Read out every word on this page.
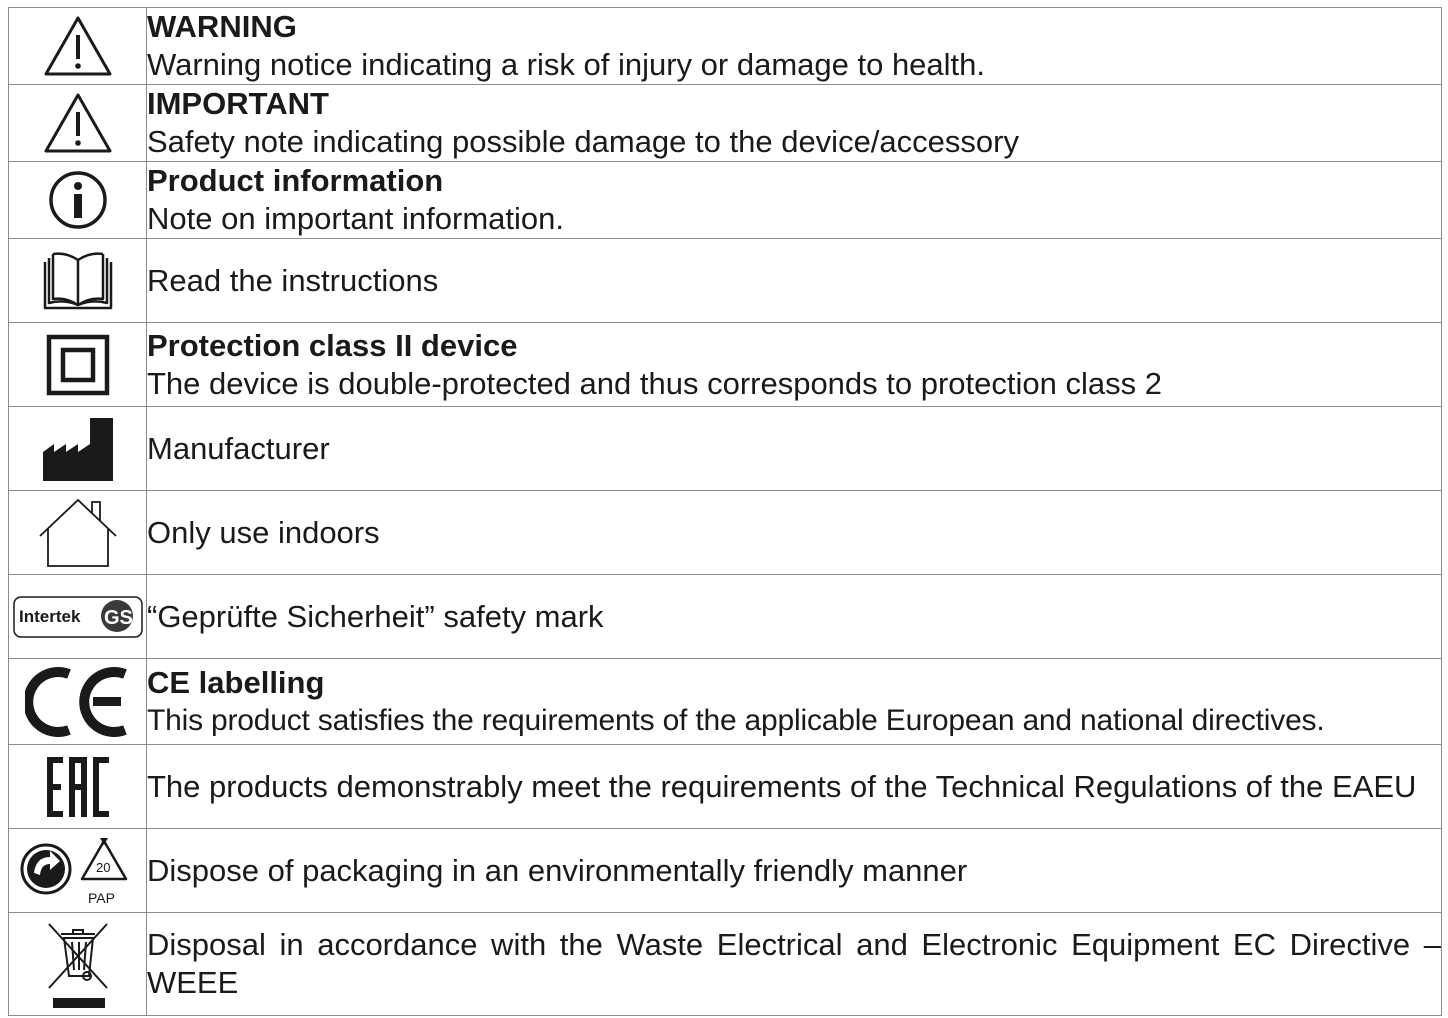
WARNING
Warning notice indicating a risk of injury or damage to health.

IMPORTANT
Safety note indicating possible damage to the device/accessory

Product information
Note on important information.

Read the instructions

Protection class II device
The device is double-protected and thus corresponds to protection class 2

Manufacturer

Only use indoors

Intertek GS	“Geprüfte Sicherheit” safety mark

CE labelling
This product satisfies the requirements of the applicable European and national directives.

The products demonstrably meet the requirements of the Technical Regulations of the EAEU

20
PAP	Dispose of packaging in an environmentally friendly manner

Disposal in accordance with the Waste Electrical and Electronic Equipment EC Directive – WEEE
